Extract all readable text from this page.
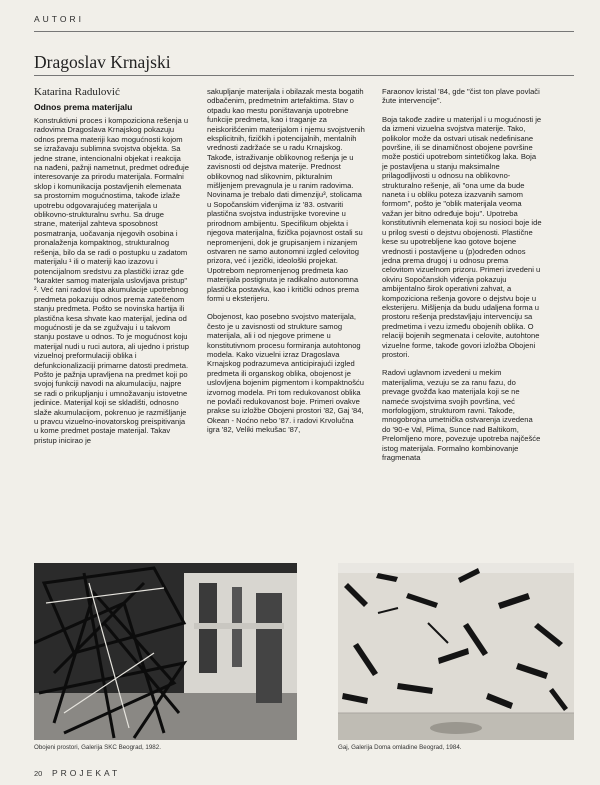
AUTORI
Dragoslav Krnajski
Katarina Radulović
Odnos prema materijalu

Konstruktivni proces i kompoziciona rešenja u radovima Dragoslava Krnajskog pokazuju odnos prema materiji kao mogućnosti kojom se izražavaju sublimna svojstva objekta. Sa jedne strane, intencionalni objekat i reakcija na nađeni, pažnji nametnut, predmet određuje interesovanje za prirodu materijala. Formalni sklop i komunikacija postavljenih elemenata sa prostornim mogućnostima, takođe izlaže upotrebu odgovarajućeg materijala u oblikovno-strukturalnu svrhu. Sa druge strane, materijal zahteva sposobnost posmatranja, uočavanja njegovih osobina i pronalaženja kompaktnog, strukturalnog rešenja, bilo da se radi o postupku u zadatom materijalu ¹ ili o materiji kao izazovu i potencijalnom sredstvu za plastički izraz gde "karakter samog materijala uslovljava pristup" ². Već rani radovi tipa akumulacije upotrebnog predmeta pokazuju odnos prema zatečenom stanju predmeta. Pošto se novinska hartija ili plastična kesa shvate kao materijal, jedina od mogućnosti je da se zgužvaju i u takvom stanju postave u odnos. To je mogućnost koju materijal nudi u ruci autora, ali ujedno i pristup vizuelnoj preformulaciji oblika i defunkcionalizaciji primarne datosti predmeta. Pošto je pažnja upravljena na predmet koji po svojoj funkciji navodi na akumulaciju, najpre se radi o prikupljanju i umnožavanju istovetne jedinice. Materijal koji se skladišti, odnosno slaže akumulacijom, pokrenuo je razmišljanje u pravcu vizuelno-inovatorskog preispitivanja u kome predmet postaje materijal. Takav pristup iniciraо je

sakupljanje materijala i obilazak mesta bogatih odbačenim, predmetnim artefaktima. Stav o otpadu kao mestu poništavanja upotrebne funkcije predmeta, kao i traganje za neiskorišćenim materijalom i njemu svojstvenih eksplicitnih, fizičkih i potencijalnih, mentalnih vrednosti zadržaće se u radu Krnajskog. Takođe, istraživanje oblikovnog rešenja je u zavisnosti od dejstva materije. Prednost oblikovnog nad slikovnim, pikturalnim mišljenjem prevagnula je u ranim radovima. Novinama je trebalo dati dimenziju³, stolicama u Sopočanskim viđenjima iz '83. ostvariti plastična svojstva industrijske tvorevine u prirodnom ambijentu. Specifikum objekta i njegova materijalna, fizička pojavnost ostali su nepromenjeni, dok je grupisanjem i nizanjem ostvaren ne samo autonomni izgled celovitog prizora, već i jezički, ideološki projekat. Upotrebom nepromenjenog predmeta kao materijala postignuta je radikalno autonomna plastička postavka, kao i kritički odnos prema formi u eksterijeru.

Obojenost, kao posebno svojstvo materijala, često je u zavisnosti od strukture samog materijala, ali i od njegove primene u konstitutivnom procesu formiranja autohtonog modela. Kako vizuelni izraz Dragoslava Krnajskog podrazumeva anticipirajući izgled predmeta ili organskog oblika, obojenost je uslovljena bojenim pigmentom i kompaktnošću izvornog modela. Pri tom redukovanost oblika ne povlači redukovanost boje. Primeri ovakve prakse su izložbe Obojeni prostori '82, Gaj '84, Okean - Noćno nebo '87. i radovi Krvolučna igra '82, Veliki mekušac '87,

Faraonov kristal '84, gde "čist ton plave povlači žute intervencije".

Boja takođe zadire u materijal i u mogućnosti je da izmeni vizuelna svojstva materije. Tako, polikolor može da ostvari utisak nedefinisane površine, ili se dinamičnost obojene površine može postići upotrebom sintetičkog laka. Boja je postavljena u stanju maksimalne prilagodljivosti u odnosu na oblikovno-strukturalno rešenje, ali "ona ume da bude naneta i u obliku poteza izazvanih samom formom", pošto je "oblik materijala veoma važan jer bitno određuje boju". Upotreba konstitutivnih elemenata koji su nosioci boje ide u prilog svesti o dejstvu obojenosti. Plastične kese su upotrebljene kao gotove bojene vrednosti i postavljene u (p)određen odnos jedna prema drugoj i u odnosu prema celovitom vizuelnom prizoru. Primeri izvedeni u okviru Sopočanskih viđenja pokazuju ambijentalno širok operativni zahvat, a kompoziciona rešenja govore o dejstvu boje u eksterijeru. Mišljenja da budu udaljena forma u prostoru rešenja predstavljaju intervenciju sa predmetima i vezu između obojenih oblika. O relaciji bojenih segmenata i celovite, autohtone vizuelne forme, takođe govori izložba Obojeni prostori.

Radovi uglavnom izvedeni u mekim materijalima, vezuju se za ranu fazu, do prevage gvožđa kao materijala koji se ne nameće svojstvima svojih površina, već morfologijom, strukturom ravni. Takođe, mnogobrojna umetnička ostvarenja izvedena do '90-e Val, Plima, Sunce nad Baltikom, Prelomljeno more, povezuje upotreba najčešće istog materijala. Formalno kombinovanje fragmenata

Obojeni prostori, Galerija SKC Beograd, 1982.	Gaj, Galerija Doma omladine Beograd, 1984.
20 PROJEKAT
